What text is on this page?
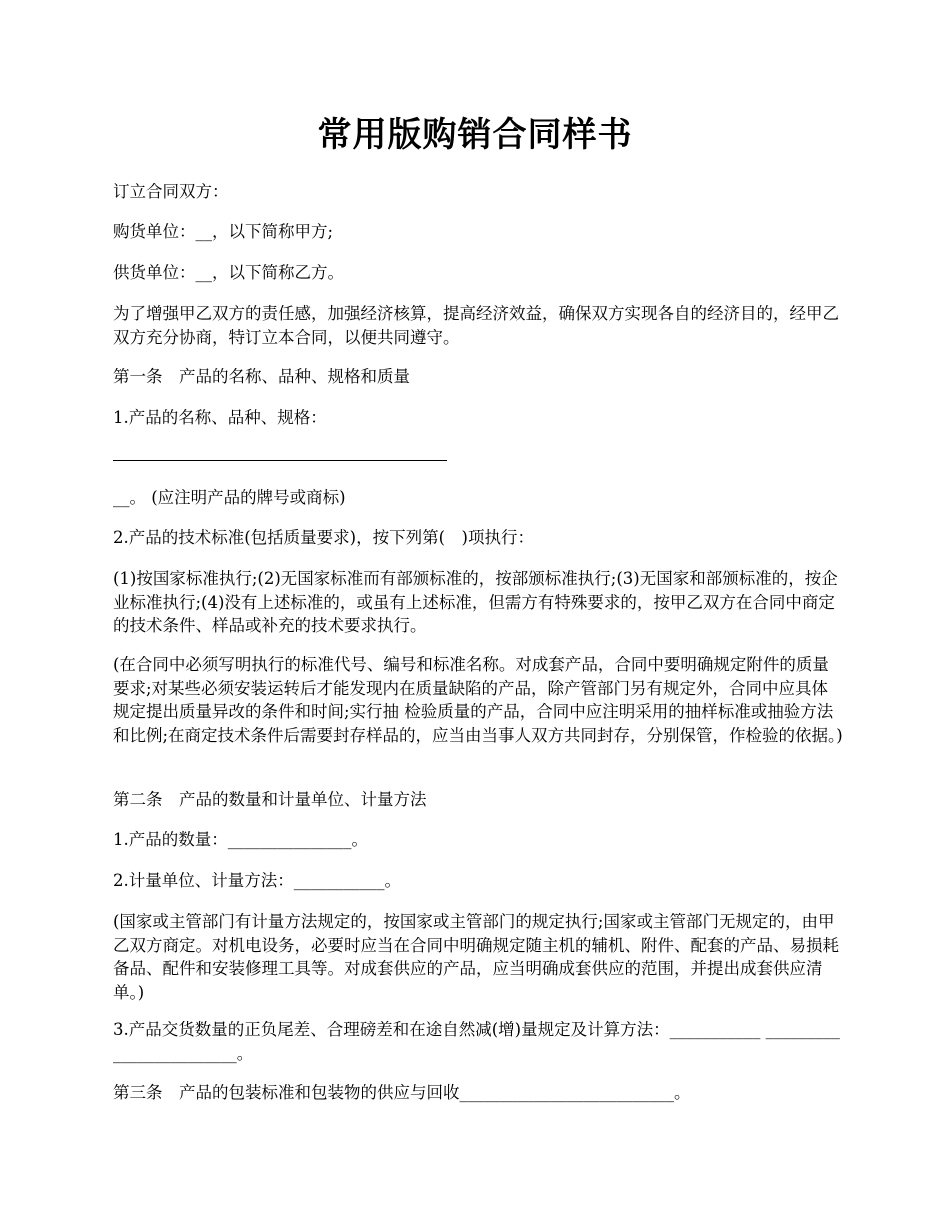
常用版购销合同样书

订立合同双方：

购货单位：__，以下简称甲方;

供货单位：__，以下简称乙方。

为了增强甲乙双方的责任感，加强经济核算，提高经济效益，确保双方实现各自的经济目的，经甲乙双方充分协商，特订立本合同，以便共同遵守。

第一条　产品的名称、品种、规格和质量

1.产品的名称、品种、规格：

__。 (应注明产品的牌号或商标)

2.产品的技术标准(包括质量要求)，按下列第(　)项执行：

(1)按国家标准执行;(2)无国家标准而有部颁标准的，按部颁标准执行;(3)无国家和部颁标准的，按企业标准执行;(4)没有上述标准的，或虽有上述标准，但需方有特殊要求的，按甲乙双方在合同中商定的技术条件、样品或补充的技术要求执行。

(在合同中必须写明执行的标准代号、编号和标准名称。对成套产品，合同中要明确规定附件的质量要求;对某些必须安装运转后才能发现内在质量缺陷的产品，除产管部门另有规定外，合同中应具体规定提出质量异改的条件和时间;实行抽 检验质量的产品，合同中应注明采用的抽样标准或抽验方法和比例;在商定技术条件后需要封存样品的，应当由当事人双方共同封存，分别保管，作检验的依据。)

第二条　产品的数量和计量单位、计量方法

1.产品的数量：_______________。

2.计量单位、计量方法：___________。

(国家或主管部门有计量方法规定的，按国家或主管部门的规定执行;国家或主管部门无规定的，由甲乙双方商定。对机电设务，必要时应当在合同中明确规定随主机的辅机、附件、配套的产品、易损耗备品、配件和安装修理工具等。对成套供应的产品，应当明确成套供应的范围，并提出成套供应清单。)

3.产品交货数量的正负尾差、合理磅差和在途自然减(增)量规定及计算方法：___________ ________________________。

第三条　产品的包装标准和包装物的供应与回收__________________________。
